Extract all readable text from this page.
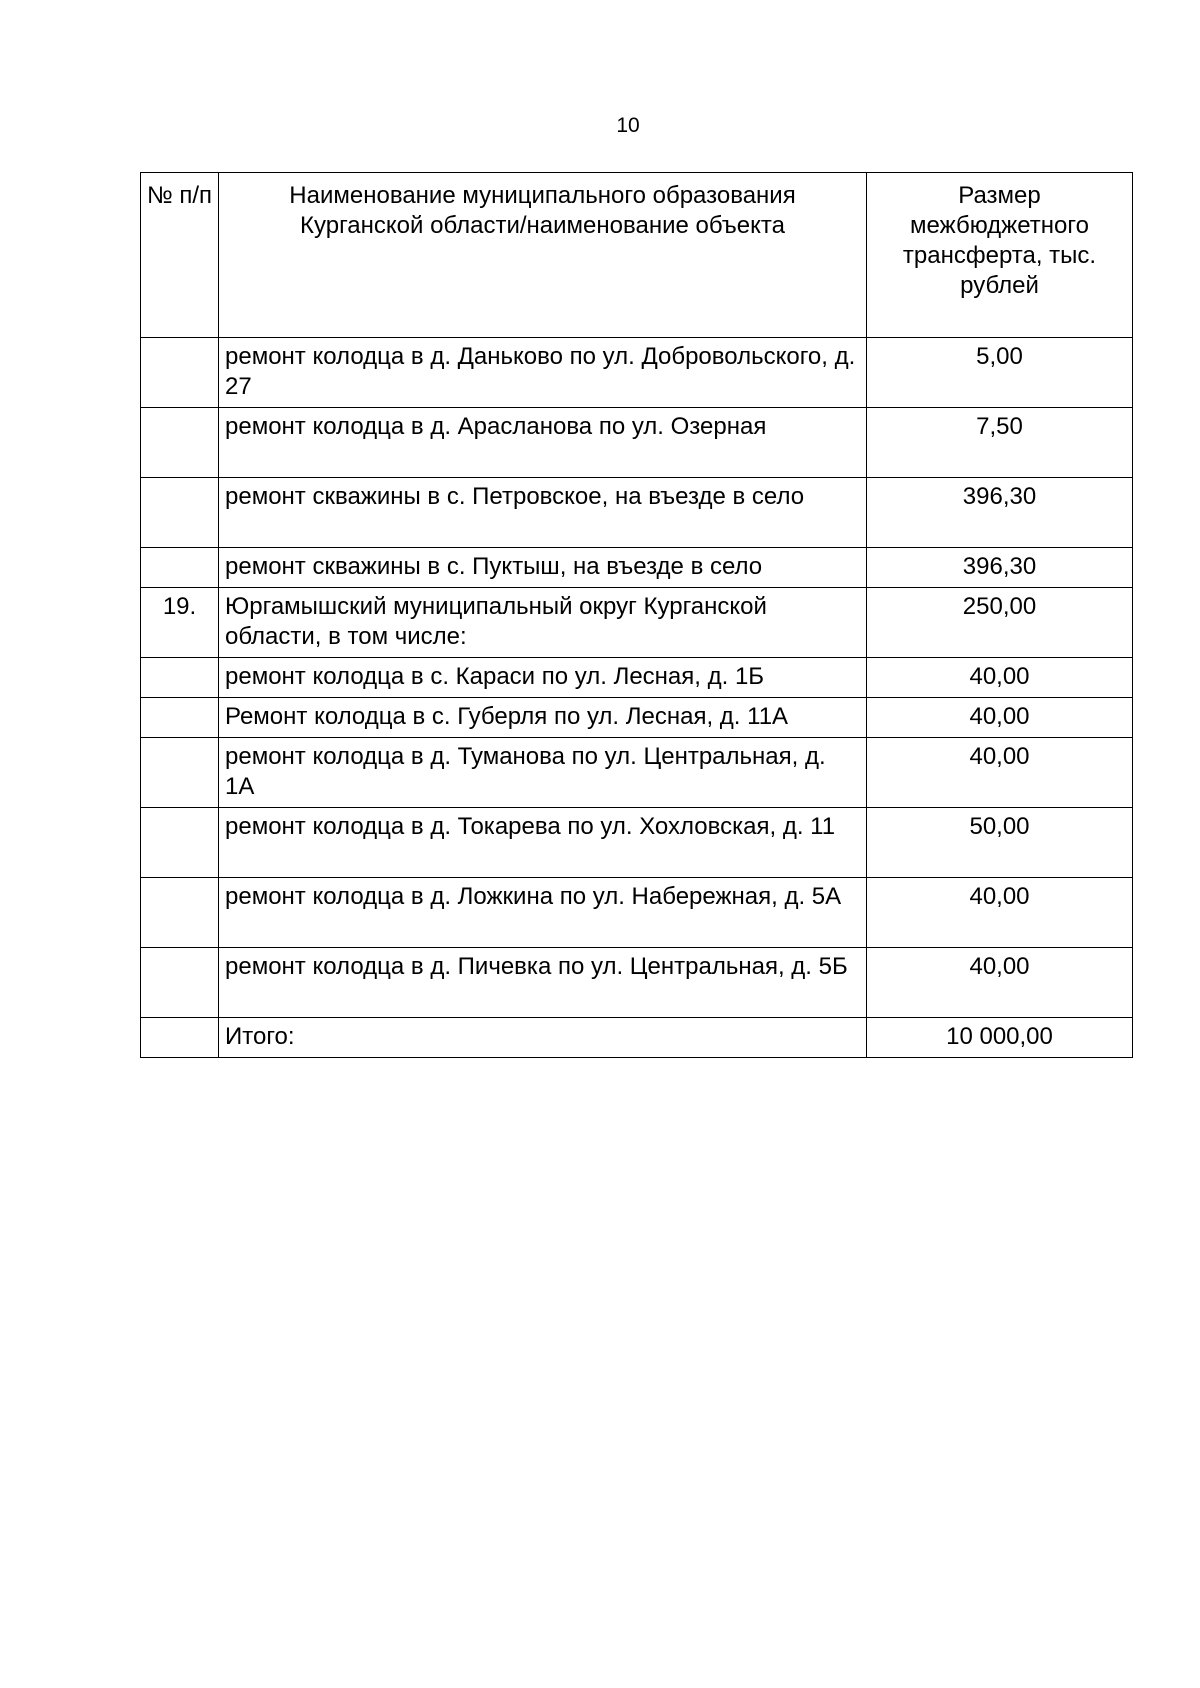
10
№ п/п	Наименование муниципального образования Курганской области/наименование объекта	Размер межбюджетного трансферта, тыс. рублей
	ремонт колодца в д. Даньково по ул. Добровольского, д. 27	5,00
	ремонт колодца в д. Арасланова по ул. Озерная	7,50
	ремонт скважины в с. Петровское, на въезде в село	396,30
	ремонт скважины в с. Пуктыш, на въезде в село	396,30
19.	Юргамышский муниципальный округ Курганской области, в том числе:	250,00
	ремонт колодца в с. Караси по ул. Лесная, д. 1Б	40,00
	Ремонт колодца в с. Губерля по ул. Лесная, д. 11А	40,00
	ремонт колодца в д. Туманова по ул. Центральная, д. 1А	40,00
	ремонт колодца в д. Токарева по ул. Хохловская, д. 11	50,00
	ремонт колодца в д. Ложкина по ул. Набережная, д. 5А	40,00
	ремонт колодца в д. Пичевка по ул. Центральная, д. 5Б	40,00
	Итого:	10 000,00
